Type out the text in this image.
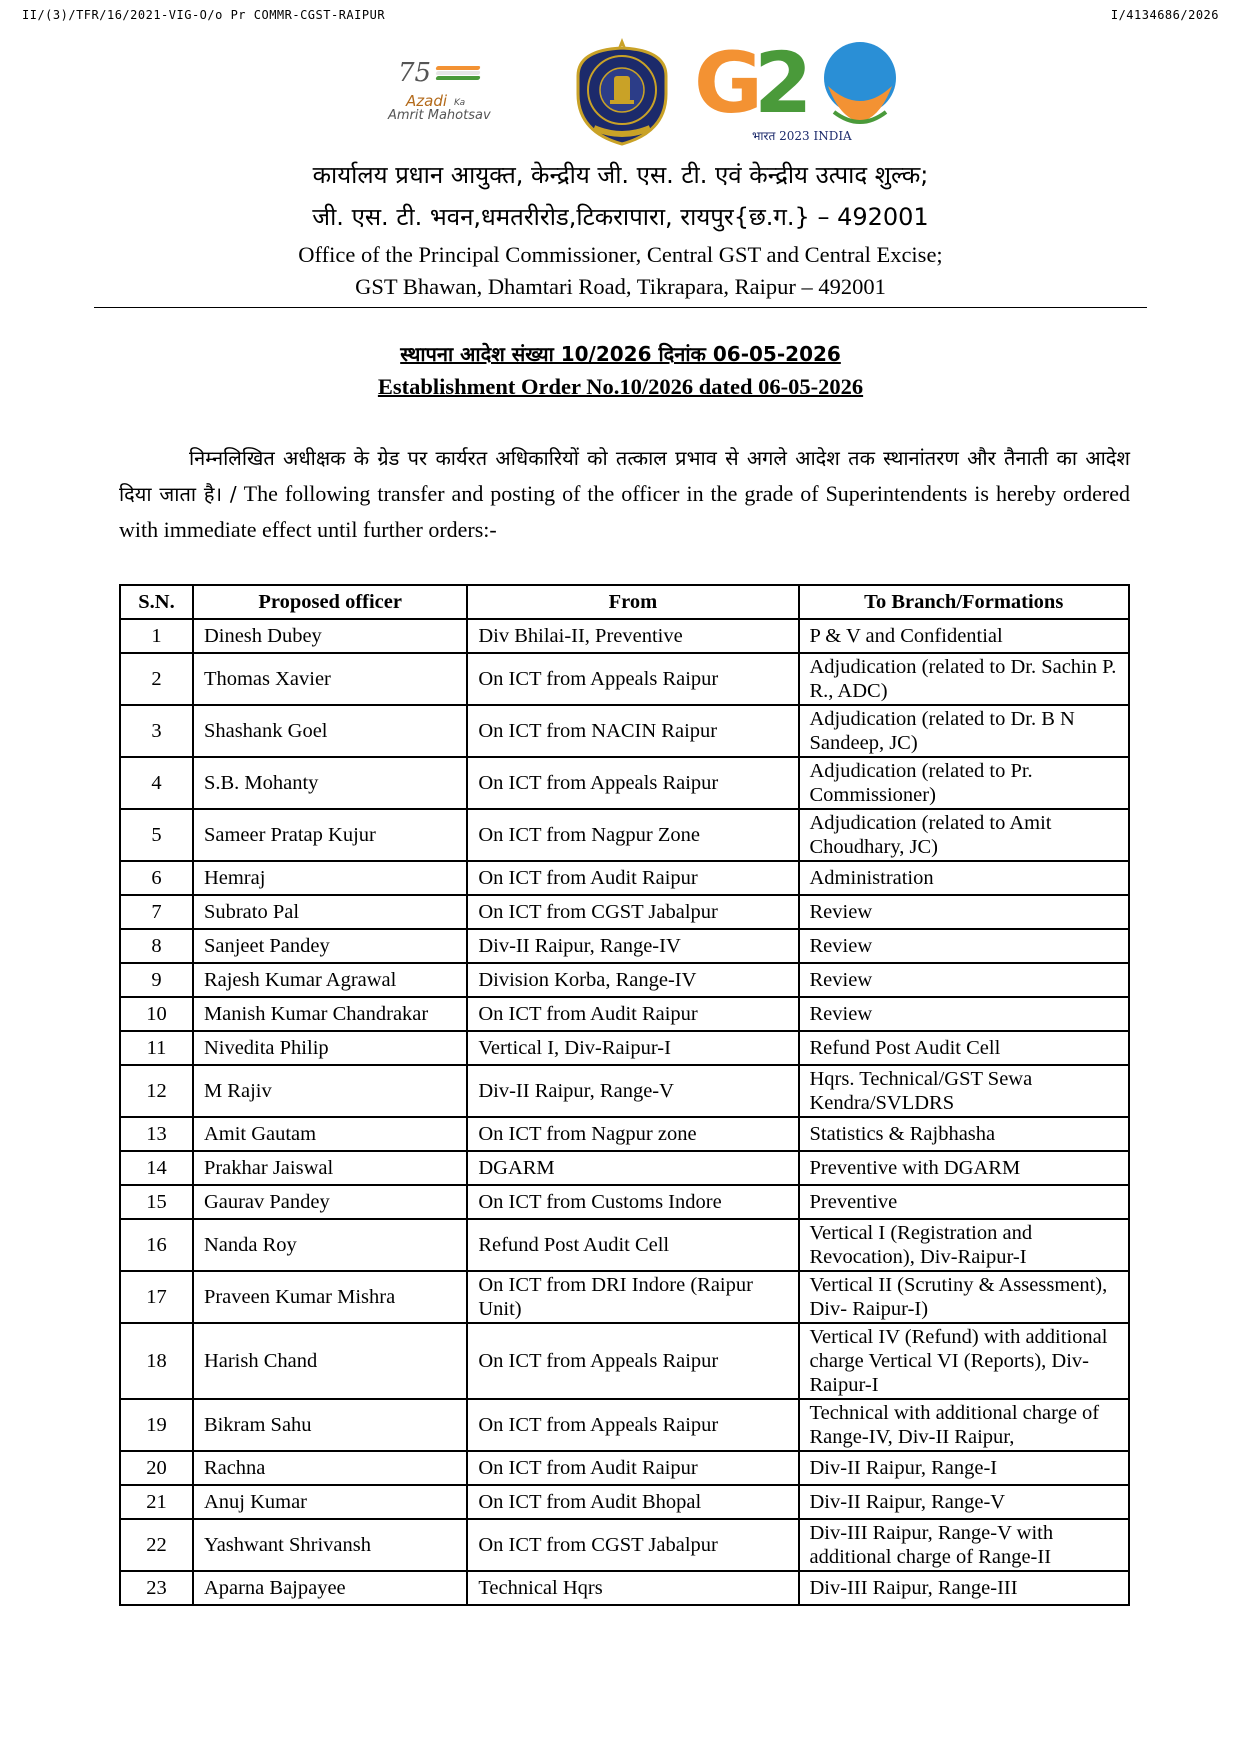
II/(3)/TFR/16/2021-VIG-O/o Pr COMMR-CGST-RAIPUR	I/4134686/2026
75
Azadi Ka
Amrit Mahotsav G
2
भारत 2023 INDIA
कार्यालय प्रधान आयुक्त, केन्द्रीय जी. एस. टी. एवं केन्द्रीय उत्पाद शुल्क;
जी. एस. टी. भवन,धमतरीरोड,टिकरापारा, रायपुर{छ.ग.} – 492001
Office of the Principal Commissioner, Central GST and Central Excise;
GST Bhawan, Dhamtari Road, Tikrapara, Raipur – 492001
स्थापना आदेश संख्या 10/2026 दिनांक 06-05-2026
Establishment Order No.10/2026 dated 06-05-2026
निम्नलिखित अधीक्षक के ग्रेड पर कार्यरत अधिकारियों को तत्काल प्रभाव से अगले आदेश तक स्थानांतरण और तैनाती का आदेश दिया जाता है। / The following transfer and posting of the officer in the grade of Superintendents is hereby ordered with immediate effect until further orders:-
S.N.	Proposed officer	From	To Branch/Formations
1	Dinesh Dubey	Div Bhilai-II, Preventive	P & V and Confidential
2	Thomas Xavier	On ICT from Appeals Raipur	Adjudication (related to Dr. Sachin P. R., ADC)
3	Shashank Goel	On ICT from NACIN Raipur	Adjudication (related to Dr. B N Sandeep, JC)
4	S.B. Mohanty	On ICT from Appeals Raipur	Adjudication (related to Pr. Commissioner)
5	Sameer Pratap Kujur	On ICT from Nagpur Zone	Adjudication (related to Amit Choudhary, JC)
6	Hemraj	On ICT from Audit Raipur	Administration
7	Subrato Pal	On ICT from CGST Jabalpur	Review
8	Sanjeet Pandey	Div-II Raipur, Range-IV	Review
9	Rajesh Kumar Agrawal	Division Korba, Range-IV	Review
10	Manish Kumar Chandrakar	On ICT from Audit Raipur	Review
11	Nivedita Philip	Vertical I, Div-Raipur-I	Refund Post Audit Cell
12	M Rajiv	Div-II Raipur, Range-V	Hqrs. Technical/GST Sewa Kendra/SVLDRS
13	Amit Gautam	On ICT from Nagpur zone	Statistics & Rajbhasha
14	Prakhar Jaiswal	DGARM	Preventive with DGARM
15	Gaurav Pandey	On ICT from Customs Indore	Preventive
16	Nanda Roy	Refund Post Audit Cell	Vertical I (Registration and Revocation), Div-Raipur-I
17	Praveen Kumar Mishra	On ICT from DRI Indore (Raipur Unit)	Vertical II (Scrutiny & Assessment), Div- Raipur-I)
18	Harish Chand	On ICT from Appeals Raipur	Vertical IV (Refund) with additional charge Vertical VI (Reports), Div-Raipur-I
19	Bikram Sahu	On ICT from Appeals Raipur	Technical with additional charge of Range-IV, Div-II Raipur,
20	Rachna	On ICT from Audit Raipur	Div-II Raipur, Range-I
21	Anuj Kumar	On ICT from Audit Bhopal	Div-II Raipur, Range-V
22	Yashwant Shrivansh	On ICT from CGST Jabalpur	Div-III Raipur, Range-V with additional charge of Range-II
23	Aparna Bajpayee	Technical Hqrs	Div-III Raipur, Range-III
